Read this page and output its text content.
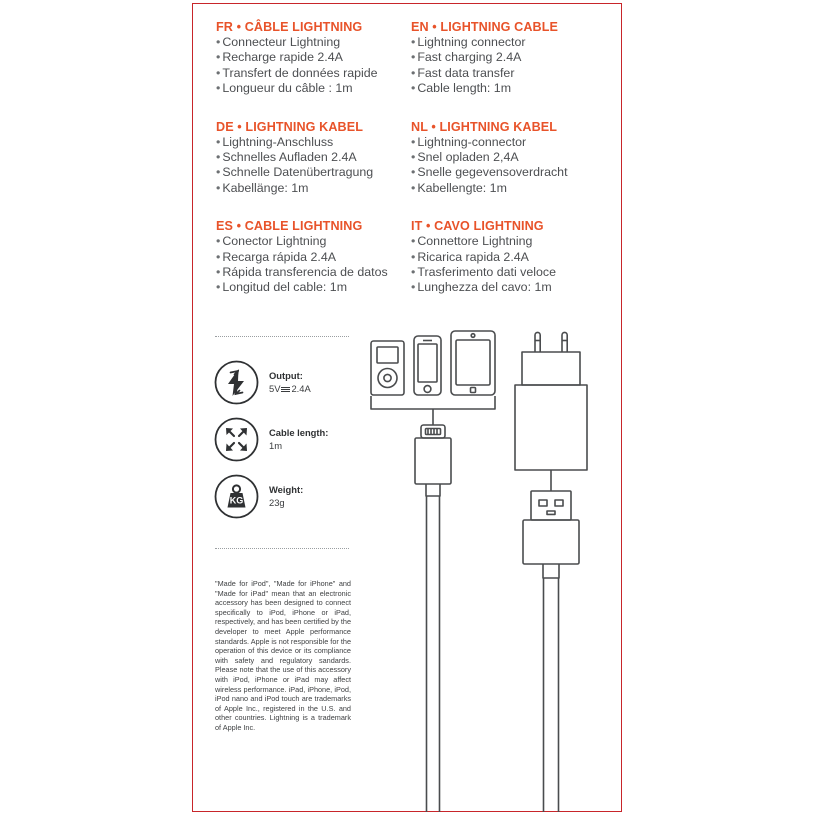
FR • CÂBLE LIGHTNING
• Connecteur Lightning
• Recharge rapide 2.4A
• Transfert de données rapide
• Longueur du câble : 1m
EN • LIGHTNING CABLE
• Lightning connector
• Fast charging 2.4A
• Fast data transfer
• Cable length: 1m
DE • LIGHTNING KABEL
• Lightning-Anschluss
• Schnelles Aufladen 2.4A
• Schnelle Datenübertragung
• Kabellänge: 1m
NL • LIGHTNING KABEL
• Lightning-connector
• Snel opladen 2,4A
• Snelle gegevensoverdracht
• Kabellengte: 1m
ES • CABLE LIGHTNING
• Conector Lightning
• Recarga rápida 2.4A
• Rápida transferencia de datos
• Longitud del cable: 1m
IT • CAVO LIGHTNING
• Connettore Lightning
• Ricarica rapida 2.4A
• Trasferimento dati veloce
• Lunghezza del cavo: 1m
Output:
5V 2.4A
Cable length:
1m
KG
Weight:
23g
"Made for iPod", "Made for iPhone" and "Made for iPad" mean that an electronic accessory has been designed to connect specifically to iPod, iPhone or iPad, respectively, and has been certified by the developer to meet Apple performance standards. Apple is not responsible for the operation of this device or its compliance with safety and regulatory sandards. Please note that the use of this accessory with iPod, iPhone or iPad may affect wireless performance. iPad, iPhone, iPod, iPod nano and iPod touch are trademarks of Apple Inc., registered in the U.S. and other countries. Lightning is a trademark of Apple Inc.
